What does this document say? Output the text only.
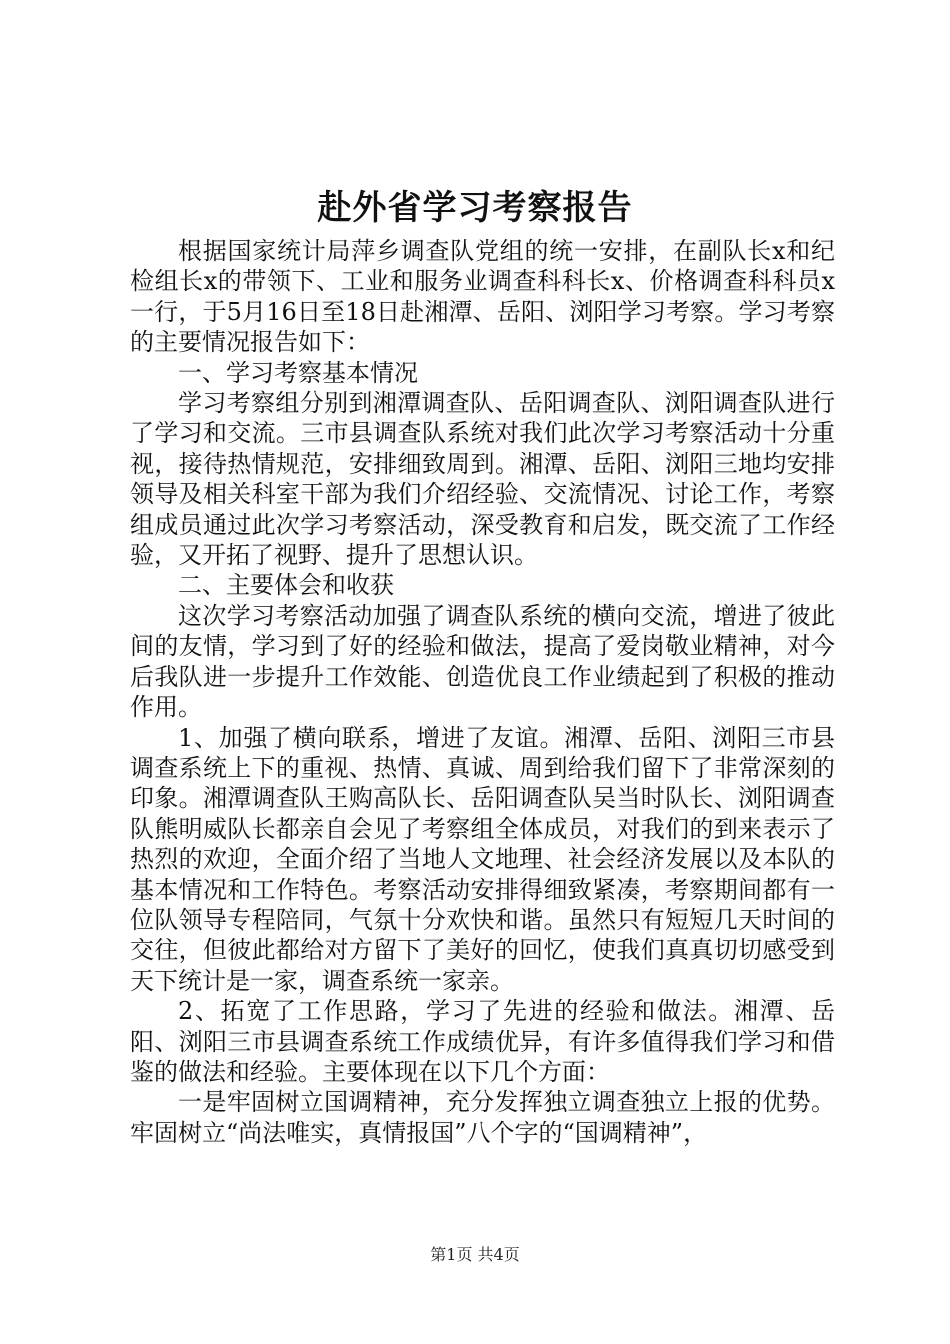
赴外省学习考察报告

根据国家统计局萍乡调查队党组的统一安排，在副队长x和纪检组长x的带领下、工业和服务业调查科科长x、价格调查科科员x一行，于5月16日至18日赴湘潭、岳阳、浏阳学习考察。学习考察的主要情况报告如下：

一、学习考察基本情况

学习考察组分别到湘潭调查队、岳阳调查队、浏阳调查队进行了学习和交流。三市县调查队系统对我们此次学习考察活动十分重视，接待热情规范，安排细致周到。湘潭、岳阳、浏阳三地均安排领导及相关科室干部为我们介绍经验、交流情况、讨论工作，考察组成员通过此次学习考察活动，深受教育和启发，既交流了工作经验，又开拓了视野、提升了思想认识。

二、主要体会和收获

这次学习考察活动加强了调查队系统的横向交流，增进了彼此间的友情，学习到了好的经验和做法，提高了爱岗敬业精神，对今后我队进一步提升工作效能、创造优良工作业绩起到了积极的推动作用。

1、加强了横向联系，增进了友谊。湘潭、岳阳、浏阳三市县调查系统上下的重视、热情、真诚、周到给我们留下了非常深刻的印象。湘潭调查队王购高队长、岳阳调查队吴当时队长、浏阳调查队熊明威队长都亲自会见了考察组全体成员，对我们的到来表示了热烈的欢迎，全面介绍了当地人文地理、社会经济发展以及本队的基本情况和工作特色。考察活动安排得细致紧凑，考察期间都有一位队领导专程陪同，气氛十分欢快和谐。虽然只有短短几天时间的交往，但彼此都给对方留下了美好的回忆，使我们真真切切感受到天下统计是一家，调查系统一家亲。

2、拓宽了工作思路，学习了先进的经验和做法。湘潭、岳阳、浏阳三市县调查系统工作成绩优异，有许多值得我们学习和借鉴的做法和经验。主要体现在以下几个方面：

一是牢固树立国调精神，充分发挥独立调查独立上报的优势。牢固树立“尚法唯实，真情报国”八个字的“国调精神”，

第1页 共4页
